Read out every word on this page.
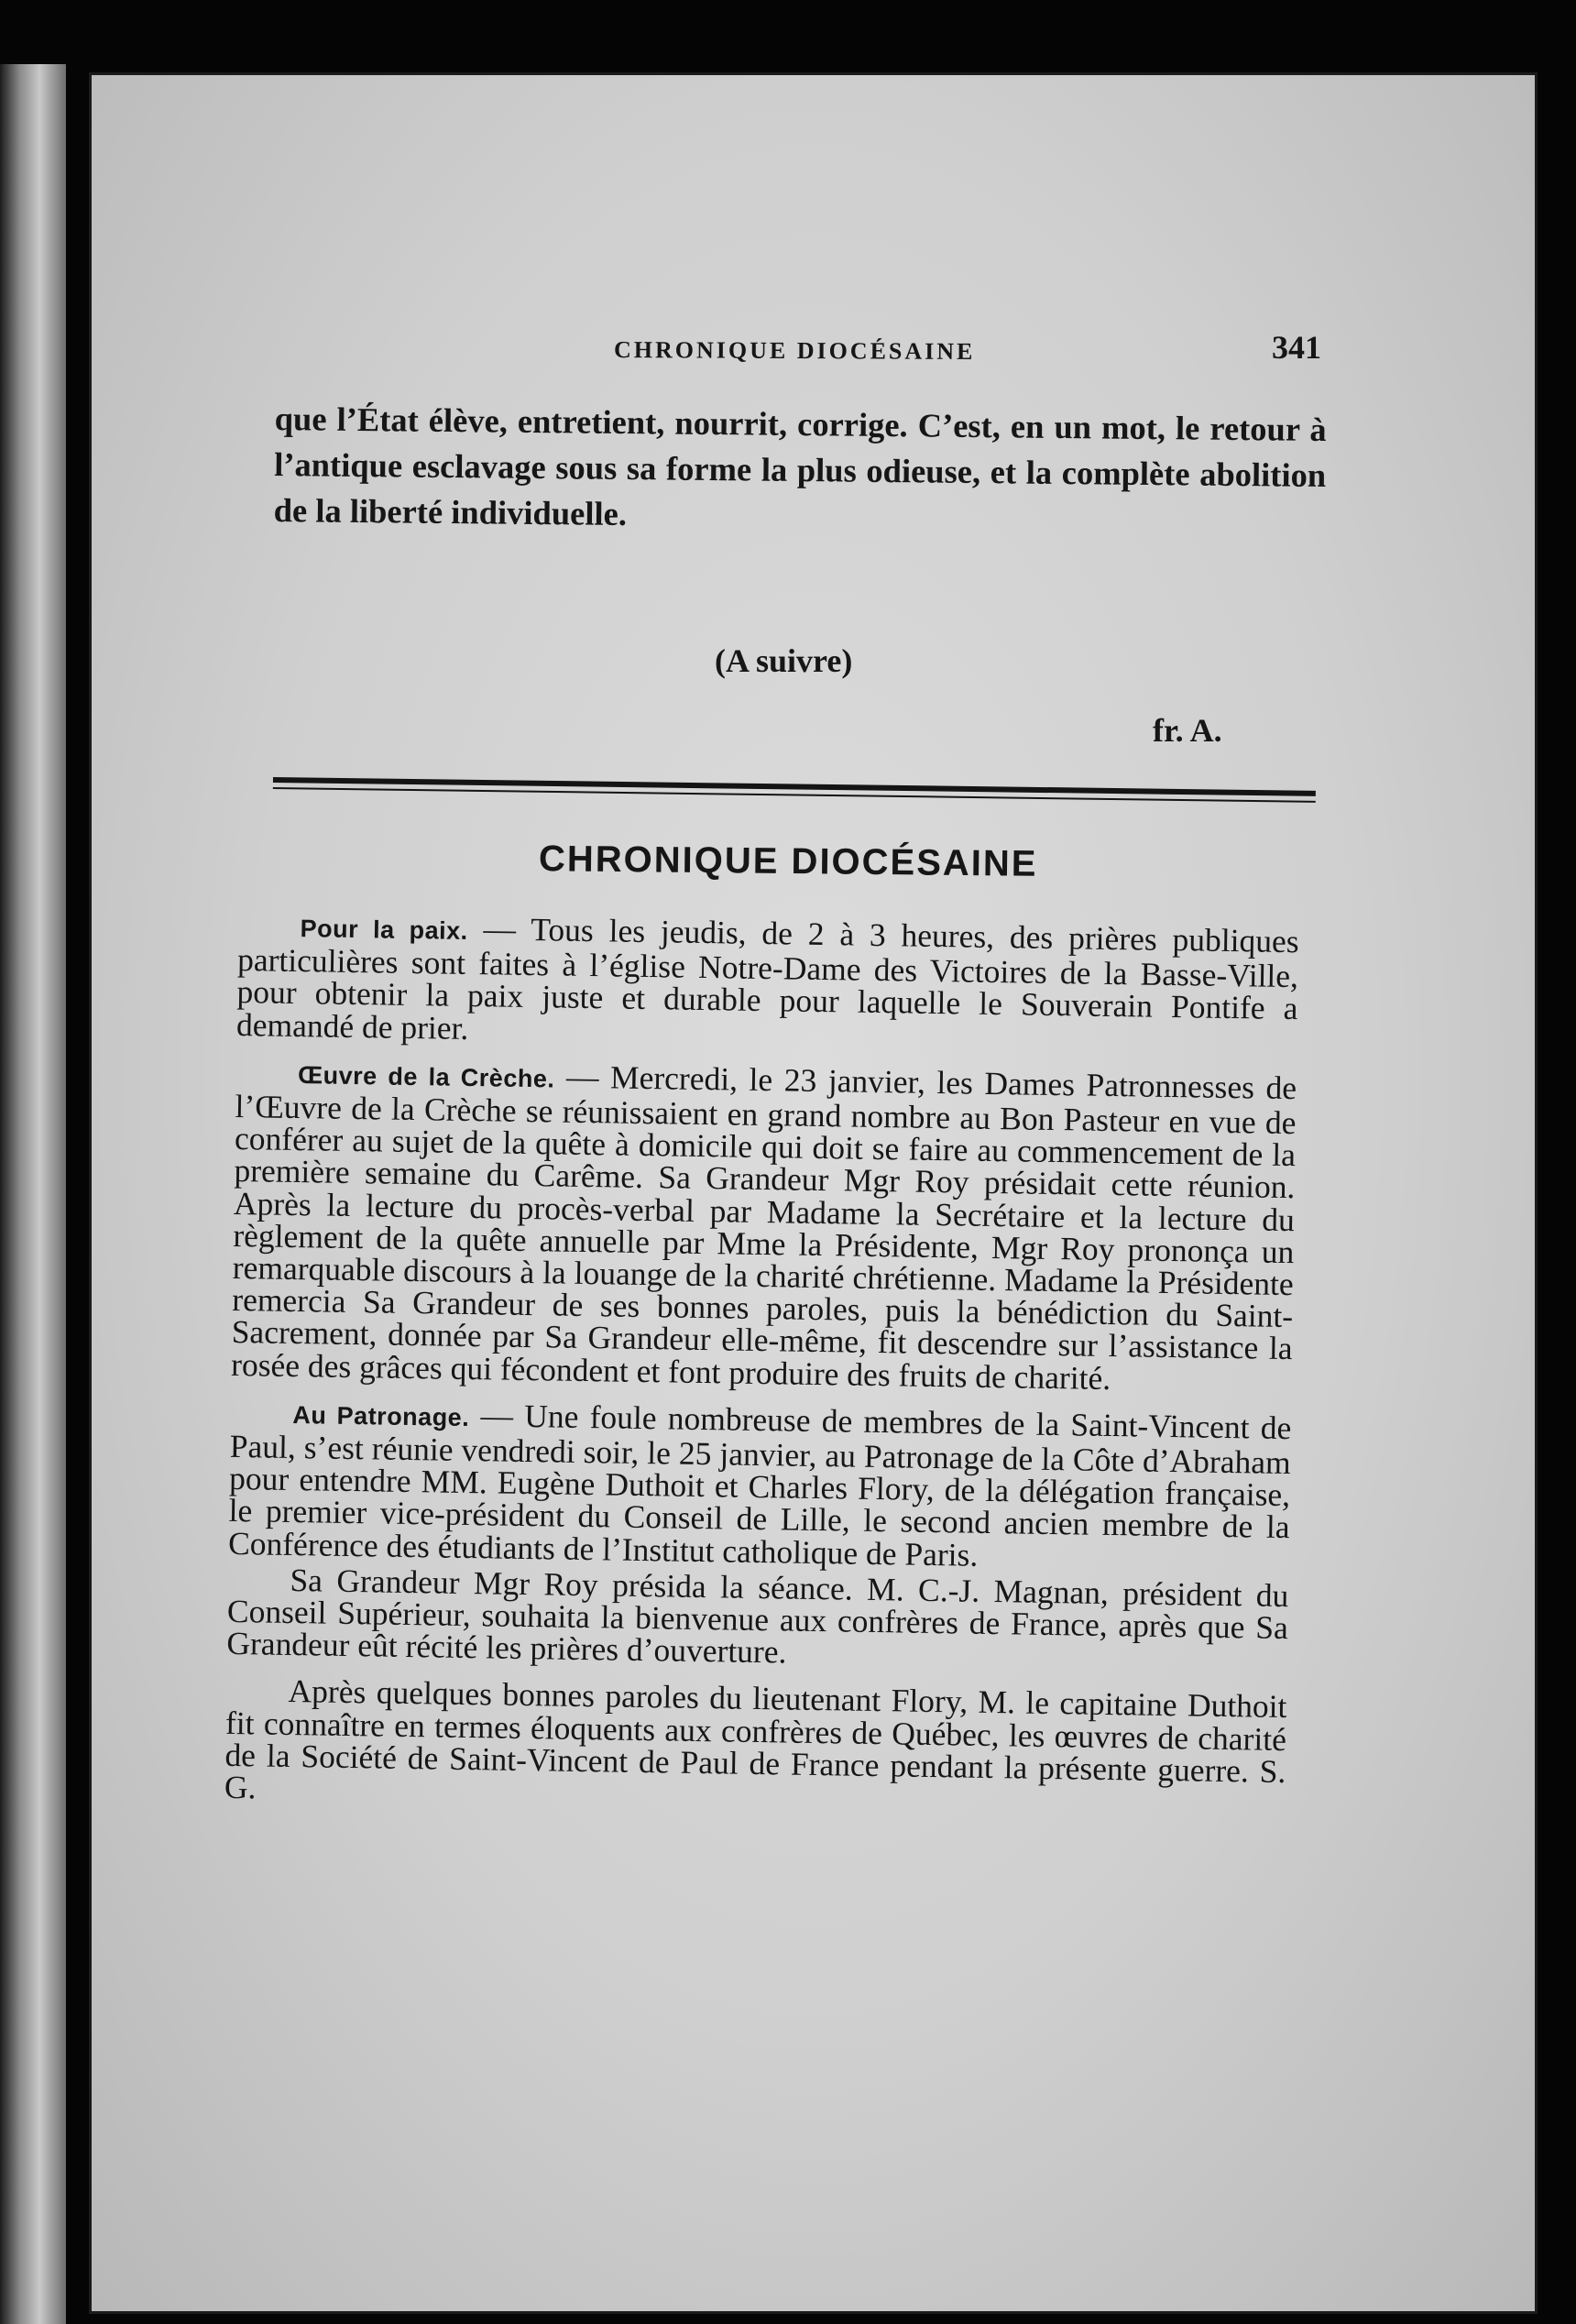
CHRONIQUE DIOCÉSAINE	341

que l’État élève, entretient, nourrit, corrige. C’est, en un mot, le retour à l’antique esclavage sous sa forme la plus odieuse, et la complète abolition de la liberté individuelle.

(A suivre)
fr. A.
CHRONIQUE DIOCÉSAINE

Pour la paix. — Tous les jeudis, de 2 à 3 heures, des prières publiques particulières sont faites à l’église Notre-Dame des Victoires de la Basse-Ville, pour obtenir la paix juste et durable pour laquelle le Souverain Pontife a demandé de prier.

Œuvre de la Crèche. — Mercredi, le 23 janvier, les Dames Patronnesses de l’Œuvre de la Crèche se réunissaient en grand nombre au Bon Pasteur en vue de conférer au sujet de la quête à domicile qui doit se faire au commencement de la première semaine du Carême. Sa Grandeur Mgr Roy présidait cette réunion. Après la lecture du procès-verbal par Madame la Secrétaire et la lecture du règlement de la quête annuelle par Mme la Présidente, Mgr Roy prononça un remarquable discours à la louange de la charité chrétienne. Madame la Présidente remercia Sa Grandeur de ses bonnes paroles, puis la bénédiction du Saint-Sacrement, donnée par Sa Grandeur elle-même, fit descendre sur l’assistance la rosée des grâces qui fécondent et font produire des fruits de charité.

Au Patronage. — Une foule nombreuse de membres de la Saint-Vincent de Paul, s’est réunie vendredi soir, le 25 janvier, au Patronage de la Côte d’Abraham pour entendre MM. Eugène Duthoit et Charles Flory, de la délégation française, le premier vice-président du Conseil de Lille, le second ancien membre de la Conférence des étudiants de l’Institut catholique de Paris.

Sa Grandeur Mgr Roy présida la séance. M. C.-J. Magnan, président du Conseil Supérieur, souhaita la bienvenue aux confrères de France, après que Sa Grandeur eût récité les prières d’ouverture.

Après quelques bonnes paroles du lieutenant Flory, M. le capitaine Duthoit fit connaître en termes éloquents aux confrères de Québec, les œuvres de charité de la Société de Saint-Vincent de Paul de France pendant la présente guerre. S. G.
